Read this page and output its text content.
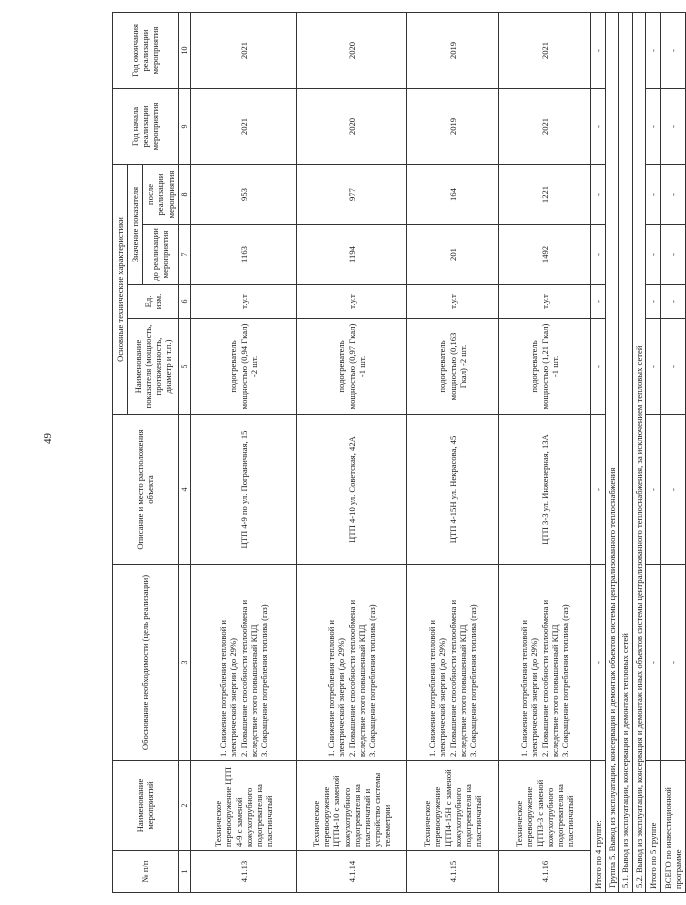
49
№ п/п	Наименование мероприятий	Обоснование необходимости (цель реализации)	Описание и место расположения объекта	Основные технические характеристики				Год начала реализации мероприятия	Год окончания реализации мероприятия
				Наименование показателя (мощность, протяженность, диаметр и т.п.)	Ед. изм.	Значение показателя			
						до реализации мероприятия	после реализации мероприятия		
1	2	3	4	5	6	7	8	9	10
4.1.13	Техническое перевооружение ЦТП 4-9 с заменой кожухотрубного подогревателя на пластинчатый	1. Снижение потребления тепловой и электрической энергии (до 29%) 2. Повышение способности теплообмена и вследствие этого повышенный КПД 3. Сокращение потребления топлива (газ)	ЦТП 4-9 по ул. Пограничная, 15	подогреватель мощностью (0,94 Гкал) -2 шт.	т.у.т	1163	953	2021	2021
4.1.14	Техническое перевооружение ЦТП4-10 с заменой кожухотрубного подогревателя на пластинчатый и устройство системы телеметрии	1. Снижение потребления тепловой и электрической энергии (до 29%) 2. Повышение способности теплообмена и вследствие этого повышенный КПД 3. Сокращение потребления топлива (газ)	ЦТП 4-10 ул. Советская, 42А	подогреватель мощностью (0,97 Гкал) -1 шт.	т.у.т	1194	977	2020	2020
4.1.15	Техническое перевооружение ЦТП4-15Н с заменой кожухотрубного подогревателя на пластинчатый	1. Снижение потребления тепловой и электрической энергии (до 29%) 2. Повышение способности теплообмена и вследствие этого повышенный КПД 3. Сокращение потребления топлива (газ)	ЦТП 4-15Н ул. Некрасова, 45	подогреватель мощностью (0,163 Гкал) -2 шт.	т.у.т	201	164	2019	2019
4.1.16	Техническое перевооружение ЦТП3-3 с заменой кожухотрубного подогревателя на пластинчатый	1. Снижение потребления тепловой и электрической энергии (до 29%) 2. Повышение способности теплообмена и вследствие этого повышенный КПД 3. Сокращение потребления топлива (газ)	ЦТП 3-3 ул. Инженерная, 13А	подогреватель мощностью (1,21 Гкал) -1 шт.	т.у.т	1492	1221	2021	2021
Итого по 4 группе:		-	-	-	-	-	-	-	-
Группа 5. Вывод из эксплуатации, консервация и демонтаж объектов системы централизованного теплоснабжения									
5.1. Вывод из эксплуатации, консервация и демонтаж тепловых сетей									
5.2. Вывод из эксплуатации, консервация и демонтаж иных объектов системы централизованного теплоснабжения, за исключением тепловых сетей									
Итого по 5 группе		-	-	-	-	-	-	-	-
ВСЕГО по инвестиционной программе		-	-	-	-	-	-	-	-
